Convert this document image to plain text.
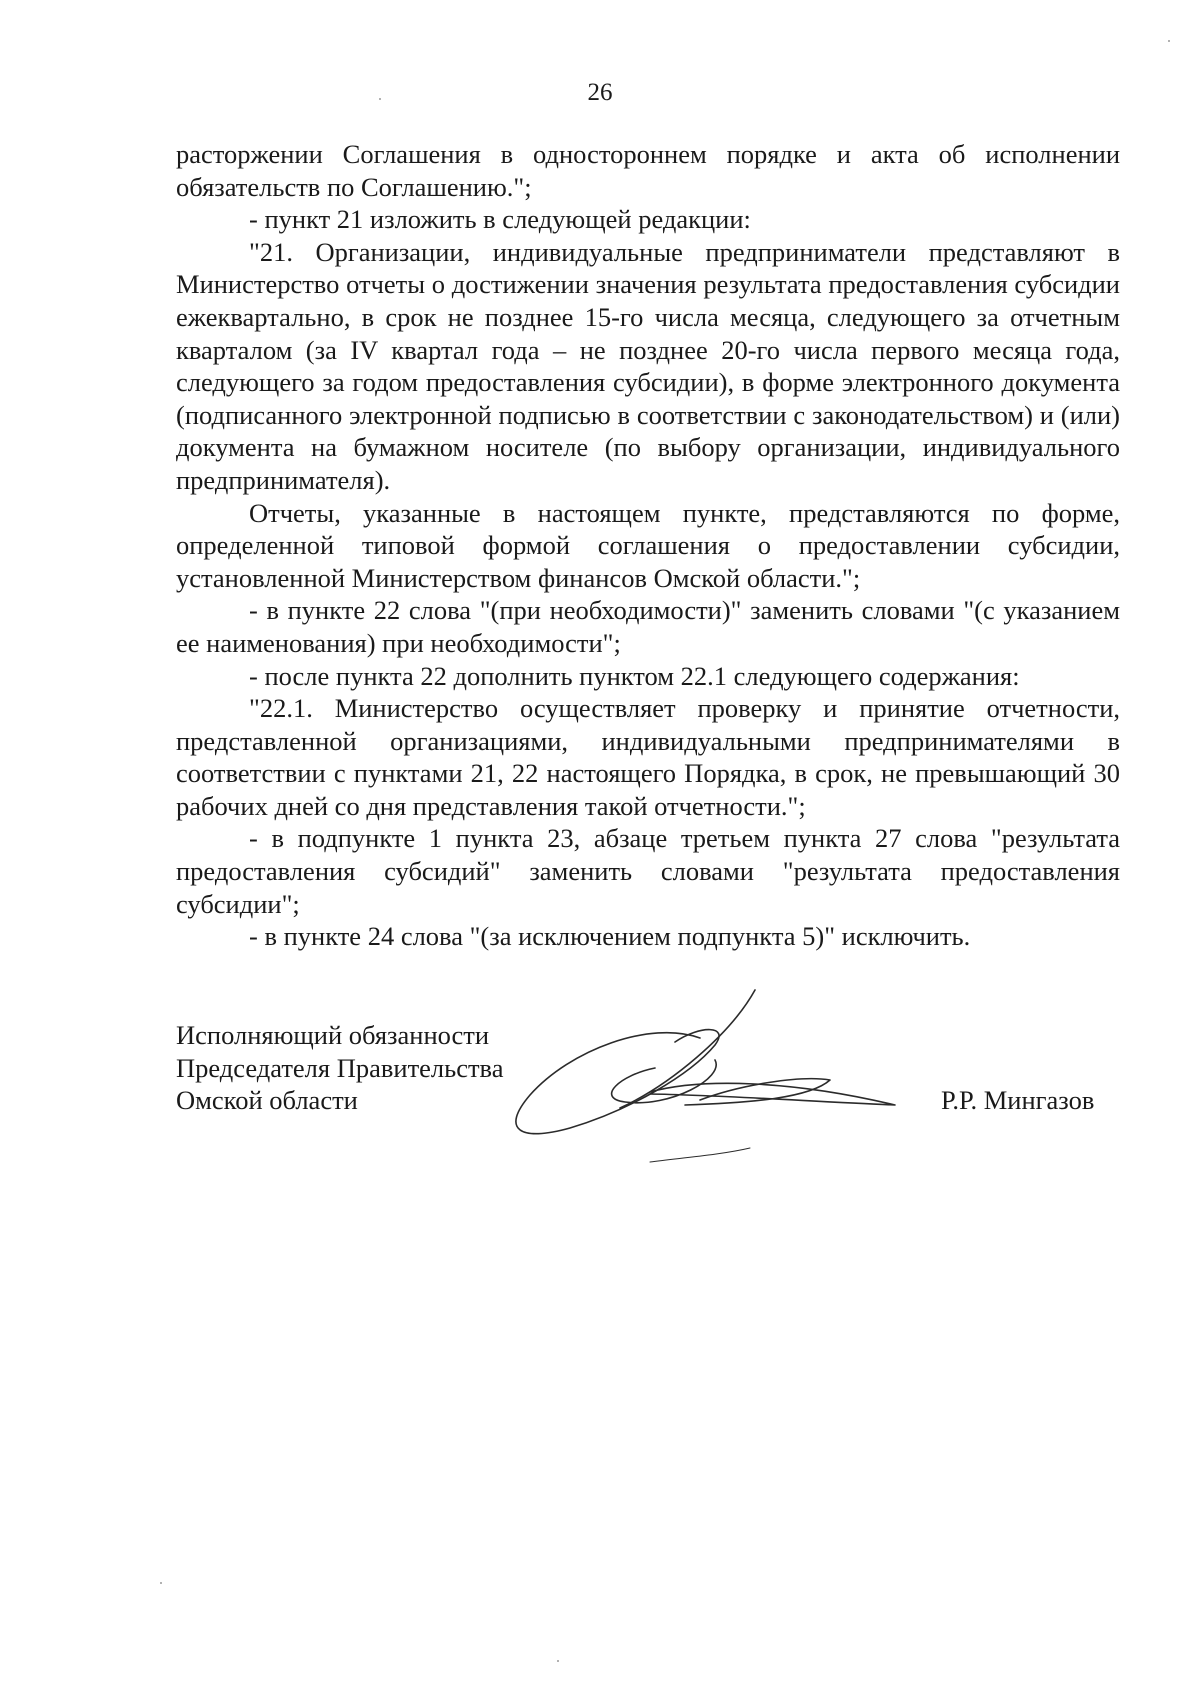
26

расторжении Соглашения в одностороннем порядке и акта об исполнении обязательств по Соглашению.";

- пункт 21 изложить в следующей редакции:

"21. Организации, индивидуальные предприниматели представляют в Министерство отчеты о достижении значения результата предоставления субсидии ежеквартально, в срок не позднее 15-го числа месяца, следующего за отчетным кварталом (за IV квартал года – не позднее 20-го числа первого месяца года, следующего за годом предоставления субсидии), в форме электронного документа (подписанного электронной подписью в соответствии с законодательством) и (или) документа на бумажном носителе (по выбору организации, индивидуального предпринимателя).

Отчеты, указанные в настоящем пункте, представляются по форме, определенной типовой формой соглашения о предоставлении субсидии, установленной Министерством финансов Омской области.";

- в пункте 22 слова "(при необходимости)" заменить словами "(с указанием ее наименования) при необходимости";

- после пункта 22 дополнить пунктом 22.1 следующего содержания:

"22.1. Министерство осуществляет проверку и принятие отчетности, представленной организациями, индивидуальными предпринимателями в соответствии с пунктами 21, 22 настоящего Порядка, в срок, не превышающий 30 рабочих дней со дня представления такой отчетности.";

- в подпункте 1 пункта 23, абзаце третьем пункта 27 слова "результата предоставления субсидий" заменить словами "результата предоставления субсидии";

- в пункте 24 слова "(за исключением подпункта 5)" исключить.

Исполняющий обязанности
Председателя Правительства
Омской области	Р.Р. Мингазов
